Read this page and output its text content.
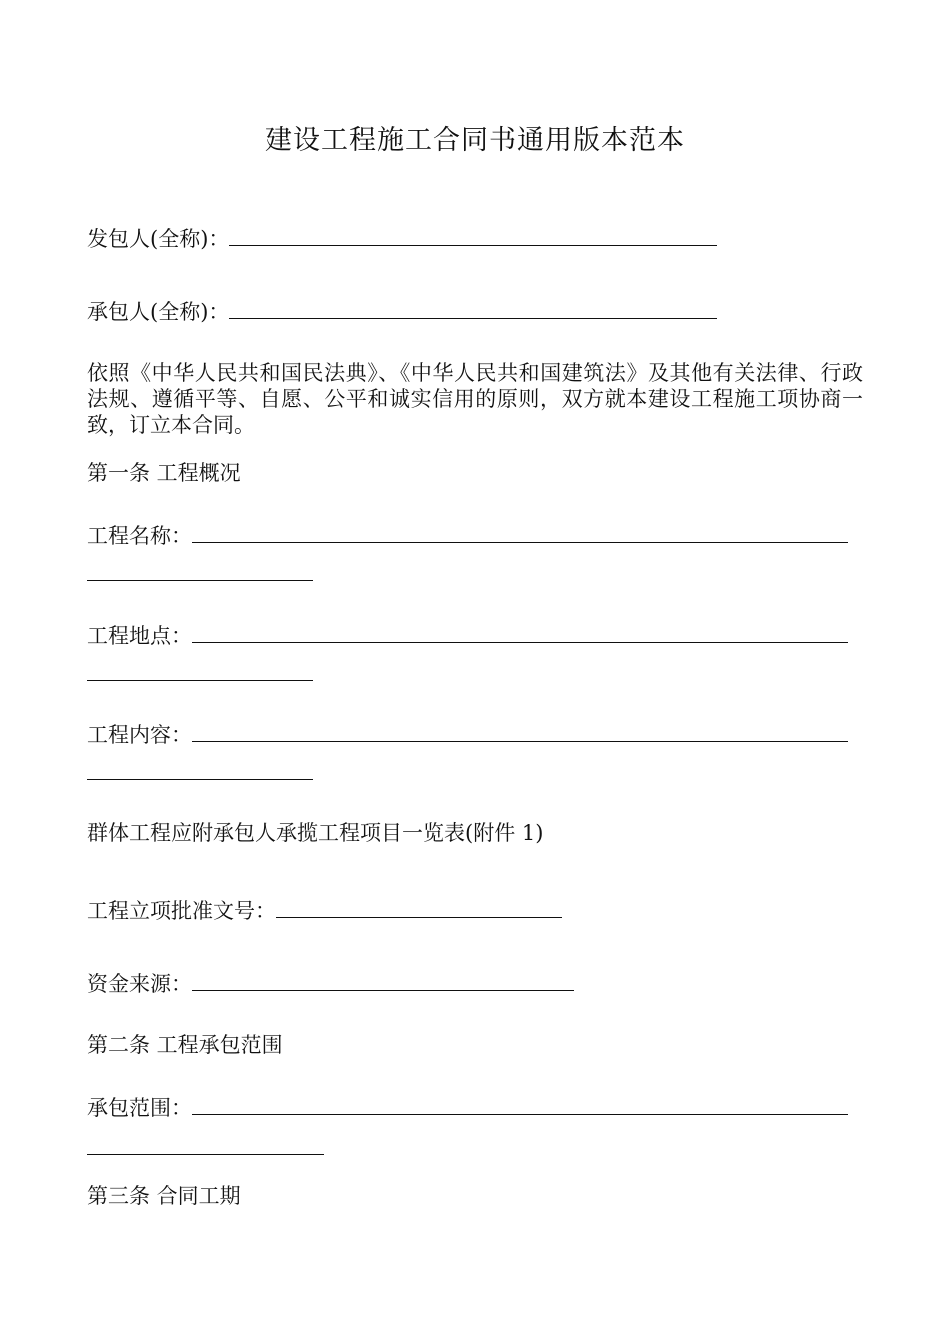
建设工程施工合同书通用版本范本
发包人(全称)：
承包人(全称)：
依照《中华人民共和国民法典》、《中华人民共和国建筑法》及其他有关法律、行政法规、遵循平等、自愿、公平和诚实信用的原则，双方就本建设工程施工项协商一致，订立本合同。
第一条 工程概况
工程名称：
工程地点：
工程内容：
群体工程应附承包人承揽工程项目一览表(附件 1)
工程立项批准文号：
资金来源：
第二条 工程承包范围
承包范围：
第三条 合同工期
